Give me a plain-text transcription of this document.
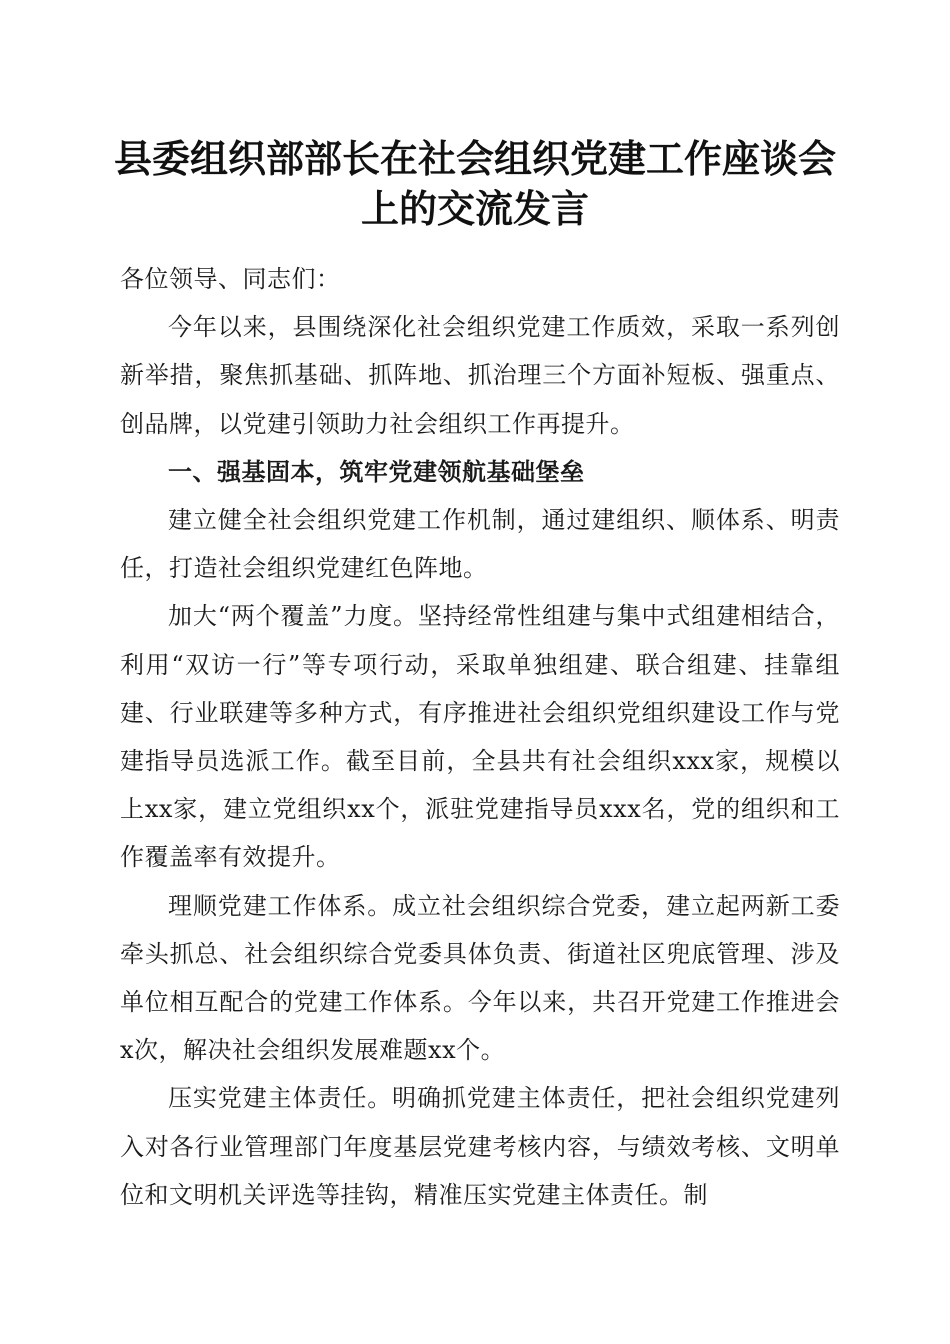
县委组织部部长在社会组织党建工作座谈会上的交流发言

各位领导、同志们：

今年以来，县围绕深化社会组织党建工作质效，采取一系列创新举措，聚焦抓基础、抓阵地、抓治理三个方面补短板、强重点、创品牌，以党建引领助力社会组织工作再提升。

一、强基固本，筑牢党建领航基础堡垒

建立健全社会组织党建工作机制，通过建组织、顺体系、明责任，打造社会组织党建红色阵地。

加大“两个覆盖”力度。坚持经常性组建与集中式组建相结合，利用“双访一行”等专项行动，采取单独组建、联合组建、挂靠组建、行业联建等多种方式，有序推进社会组织党组织建设工作与党建指导员选派工作。截至目前，全县共有社会组织xxx家，规模以上xx家，建立党组织xx个，派驻党建指导员xxx名，党的组织和工作覆盖率有效提升。

理顺党建工作体系。成立社会组织综合党委，建立起两新工委牵头抓总、社会组织综合党委具体负责、街道社区兜底管理、涉及单位相互配合的党建工作体系。今年以来，共召开党建工作推进会x次，解决社会组织发展难题xx个。

压实党建主体责任。明确抓党建主体责任，把社会组织党建列入对各行业管理部门年度基层党建考核内容，与绩效考核、文明单位和文明机关评选等挂钩，精准压实党建主体责任。制
